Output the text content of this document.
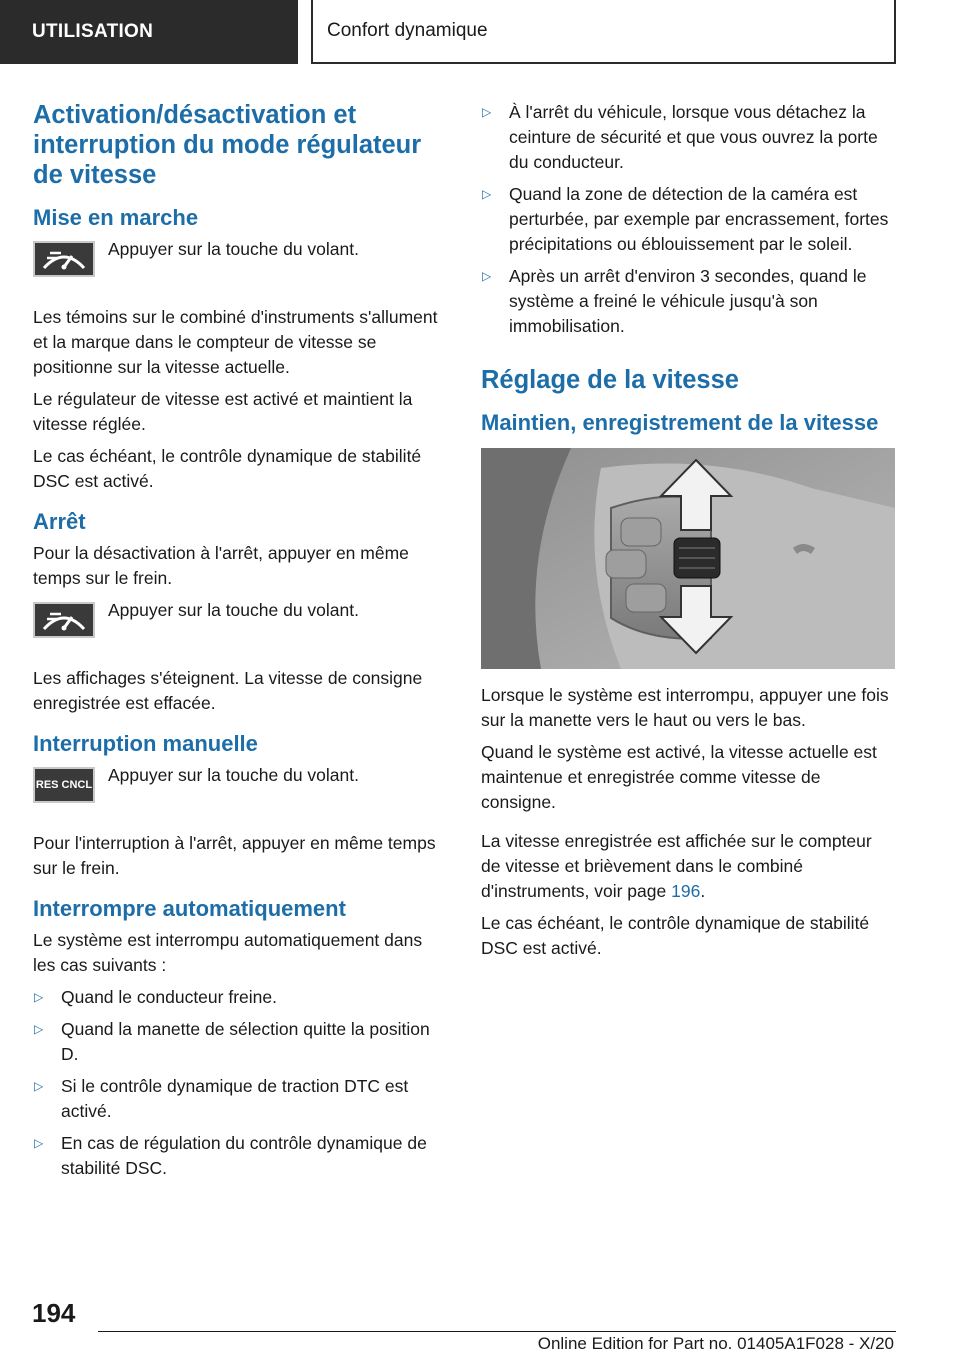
UTILISATION	Confort dynamique
Activation/désactivation et interruption du mode régulateur de vitesse
Mise en marche

Appuyer sur la touche du volant.

Les témoins sur le combiné d'instruments s'allument et la marque dans le compteur de vitesse se positionne sur la vitesse actuelle.

Le régulateur de vitesse est activé et maintient la vitesse réglée.

Le cas échéant, le contrôle dynamique de stabilité DSC est activé.

Arrêt

Pour la désactivation à l'arrêt, appuyer en même temps sur le frein.

Appuyer sur la touche du volant.

Les affichages s'éteignent. La vitesse de consigne enregistrée est effacée.

Interruption manuelle
RES CNCL Appuyer sur la touche du volant.

Pour l'interruption à l'arrêt, appuyer en même temps sur le frein.

Interrompre automatiquement

Le système est interrompu automatiquement dans les cas suivants :

▷ Quand le conducteur freine.
▷ Quand la manette de sélection quitte la position D.
▷ Si le contrôle dynamique de traction DTC est activé.
▷ En cas de régulation du contrôle dynamique de stabilité DSC.
▷ À l'arrêt du véhicule, lorsque vous détachez la ceinture de sécurité et que vous ouvrez la porte du conducteur.
▷ Quand la zone de détection de la caméra est perturbée, par exemple par encrassement, fortes précipitations ou éblouissement par le soleil.
▷ Après un arrêt d'environ 3 secondes, quand le système a freiné le véhicule jusqu'à son immobilisation.
Réglage de la vitesse
Maintien, enregistrement de la vitesse

Lorsque le système est interrompu, appuyer une fois sur la manette vers le haut ou vers le bas.

Quand le système est activé, la vitesse actuelle est maintenue et enregistrée comme vitesse de consigne.

La vitesse enregistrée est affichée sur le compteur de vitesse et brièvement dans le combiné d'instruments, voir page 196.

Le cas échéant, le contrôle dynamique de stabilité DSC est activé.

194
Online Edition for Part no. 01405A1F028 - X/20
